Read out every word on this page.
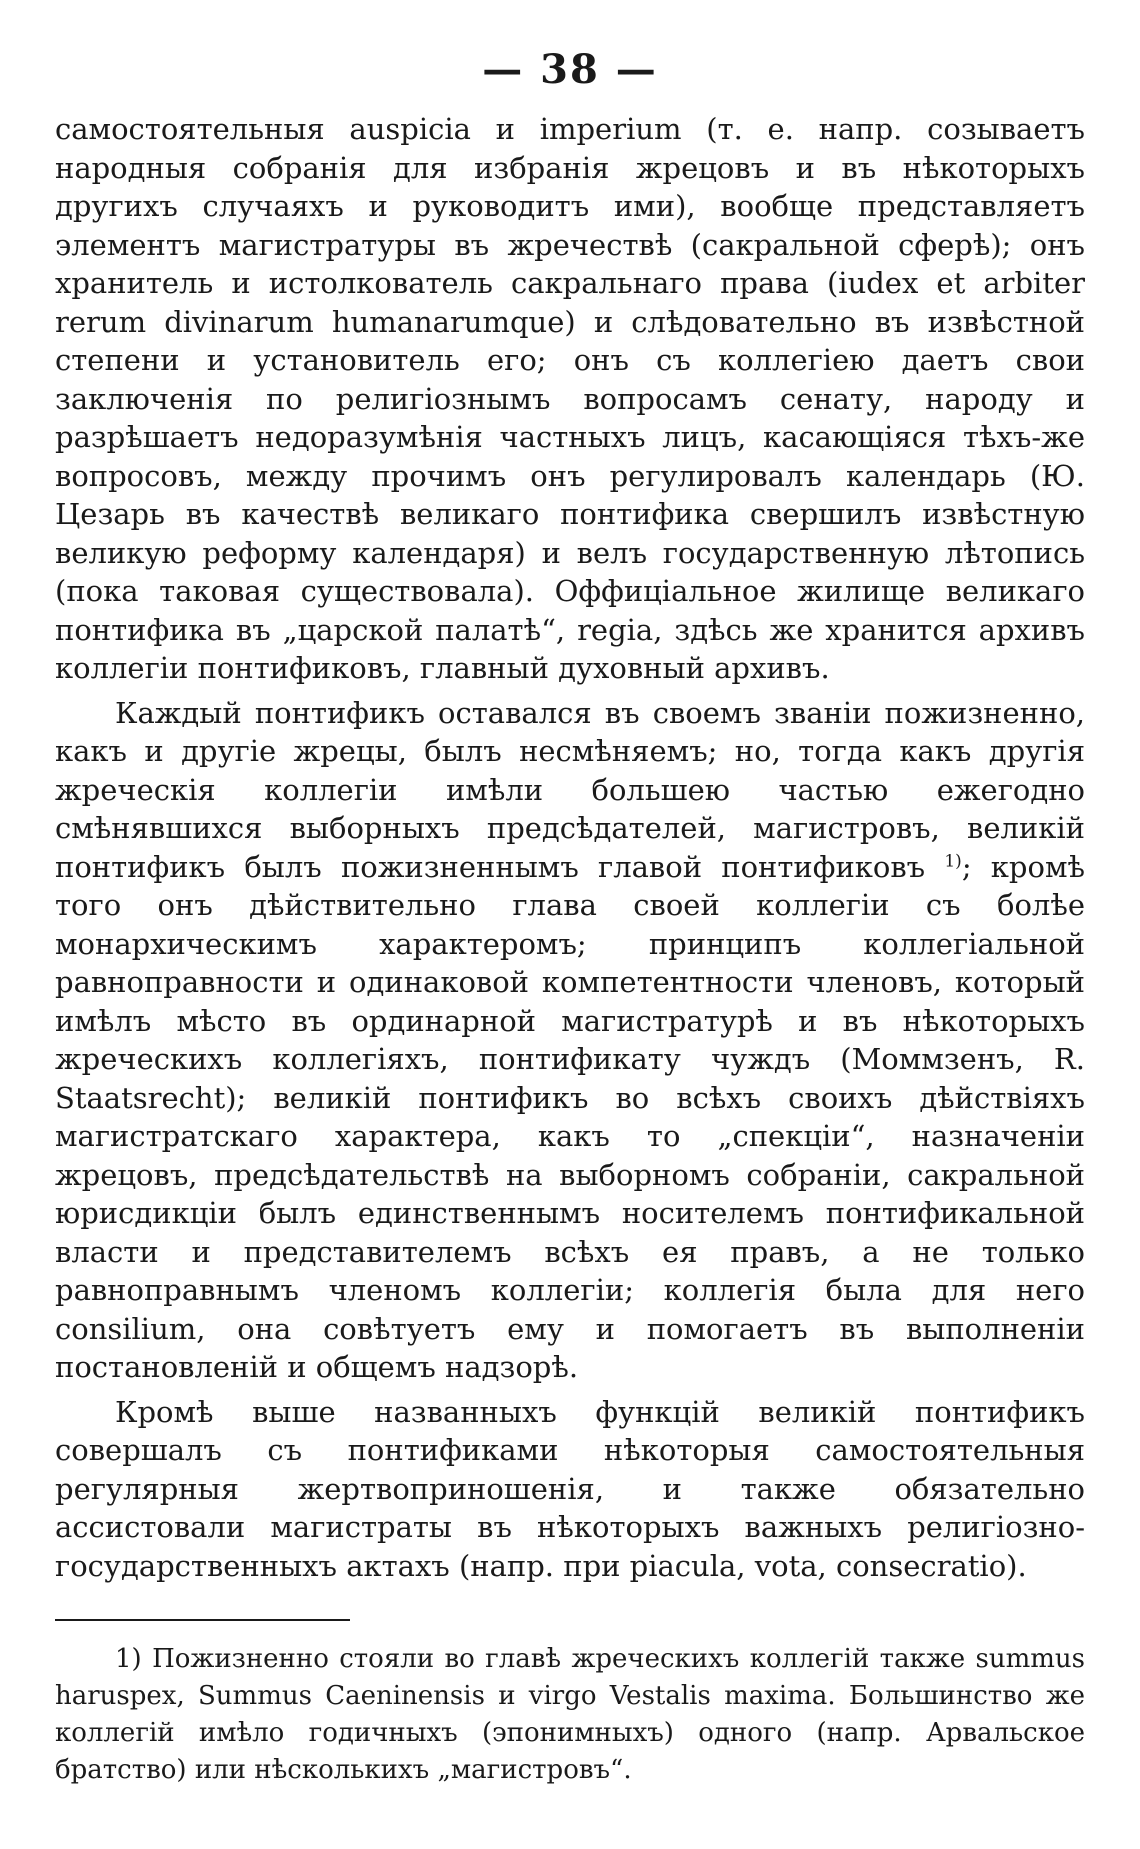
— 38 —

самостоятельныя auspicia и imperium (т. е. напр. созываетъ народныя собранія для избранія жрецовъ и въ нѣкоторыхъ другихъ случаяхъ и руководитъ ими), вообще представляетъ элементъ магистратуры въ жречествѣ (сакральной сферѣ); онъ хранитель и истолкователь сакральнаго права (iudex et arbiter rerum divinarum humanarumque) и слѣдовательно въ извѣстной степени и установитель его; онъ съ коллегіею даетъ свои заключенія по религіознымъ вопросамъ сенату, народу и разрѣшаетъ недоразумѣнія частныхъ лицъ, касающіяся тѣхъ-же вопросовъ, между прочимъ онъ регулировалъ календарь (Ю. Цезарь въ качествѣ великаго понтифика свершилъ извѣстную великую реформу календаря) и велъ государственную лѣтопись (пока таковая существовала). Оффиціальное жилище великаго понтифика въ „царской палатѣ“, regia, здѣсь же хранится архивъ коллегіи понтификовъ, главный духовный архивъ.

Каждый понтификъ оставался въ своемъ званіи пожизненно, какъ и другіе жрецы, былъ несмѣняемъ; но, тогда какъ другія жреческія коллегіи имѣли большею частью ежегодно смѣнявшихся выборныхъ предсѣдателей, магистровъ, великій понтификъ былъ пожизненнымъ главой понтификовъ $^{1)}$; кромѣ того онъ дѣйствительно глава своей коллегіи съ болѣе монархическимъ характеромъ; принципъ коллегіальной равноправности и одинаковой компетентности членовъ, который имѣлъ мѣсто въ ординарной магистратурѣ и въ нѣкоторыхъ жреческихъ коллегіяхъ, понтификату чуждъ (Моммзенъ, R. Staatsrecht); великій понтификъ во всѣхъ своихъ дѣйствіяхъ магистратскаго характера, какъ то „спекціи“, назначеніи жрецовъ, предсѣдательствѣ на выборномъ собраніи, сакральной юрисдикціи былъ единственнымъ носителемъ понтификальной власти и представителемъ всѣхъ ея правъ, а не только равноправнымъ членомъ коллегіи; коллегія была для него consilium, она совѣтуетъ ему и помогаетъ въ выполненіи постановленій и общемъ надзорѣ.

Кромѣ выше названныхъ функцій великій понтификъ совершалъ съ понтификами нѣкоторыя самостоятельныя регулярныя жертвоприношенія, и также обязательно ассистовали магистраты въ нѣкоторыхъ важныхъ религіозно-государственныхъ актахъ (напр. при piacula, vota, consecratio).

1) Пожизненно стояли во главѣ жреческихъ коллегій также summus haruspex, Summus Caeninensis и virgo Vestalis maxima. Большинство же коллегій имѣло годичныхъ (эпонимныхъ) одного (напр. Арвальское братство) или нѣсколькихъ „магистровъ“.
